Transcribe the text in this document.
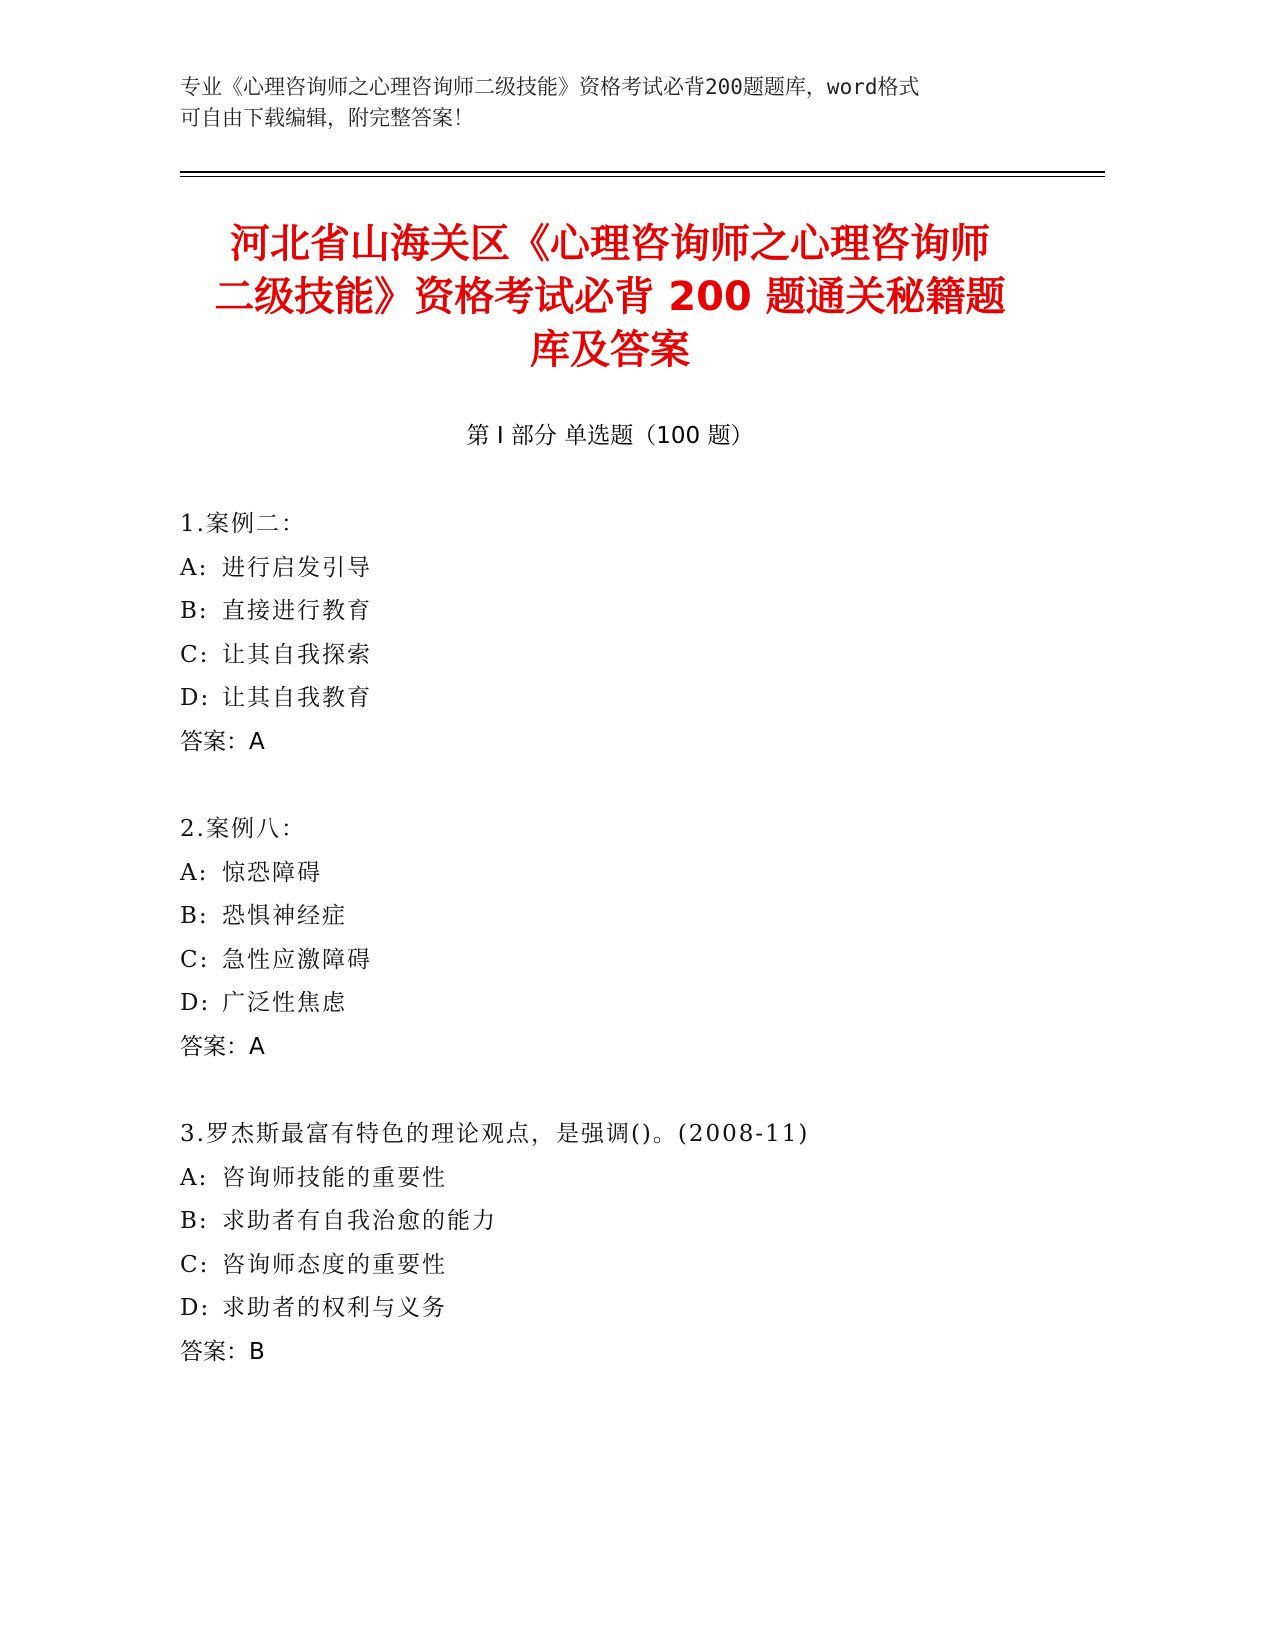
专业《心理咨询师之心理咨询师二级技能》资格考试必背200题题库，word格式
可自由下载编辑，附完整答案！
河北省山海关区《心理咨询师之心理咨询师
二级技能》资格考试必背 200 题通关秘籍题
库及答案
第 I 部分 单选题（100 题）
1.案例二：
A: 进行启发引导
B: 直接进行教育
C: 让其自我探索
D: 让其自我教育
答案：A
2.案例八：
A: 惊恐障碍
B: 恐惧神经症
C: 急性应激障碍
D: 广泛性焦虑
答案：A
3.罗杰斯最富有特色的理论观点，是强调()。(2008-11)
A: 咨询师技能的重要性
B: 求助者有自我治愈的能力
C: 咨询师态度的重要性
D: 求助者的权利与义务
答案：B
